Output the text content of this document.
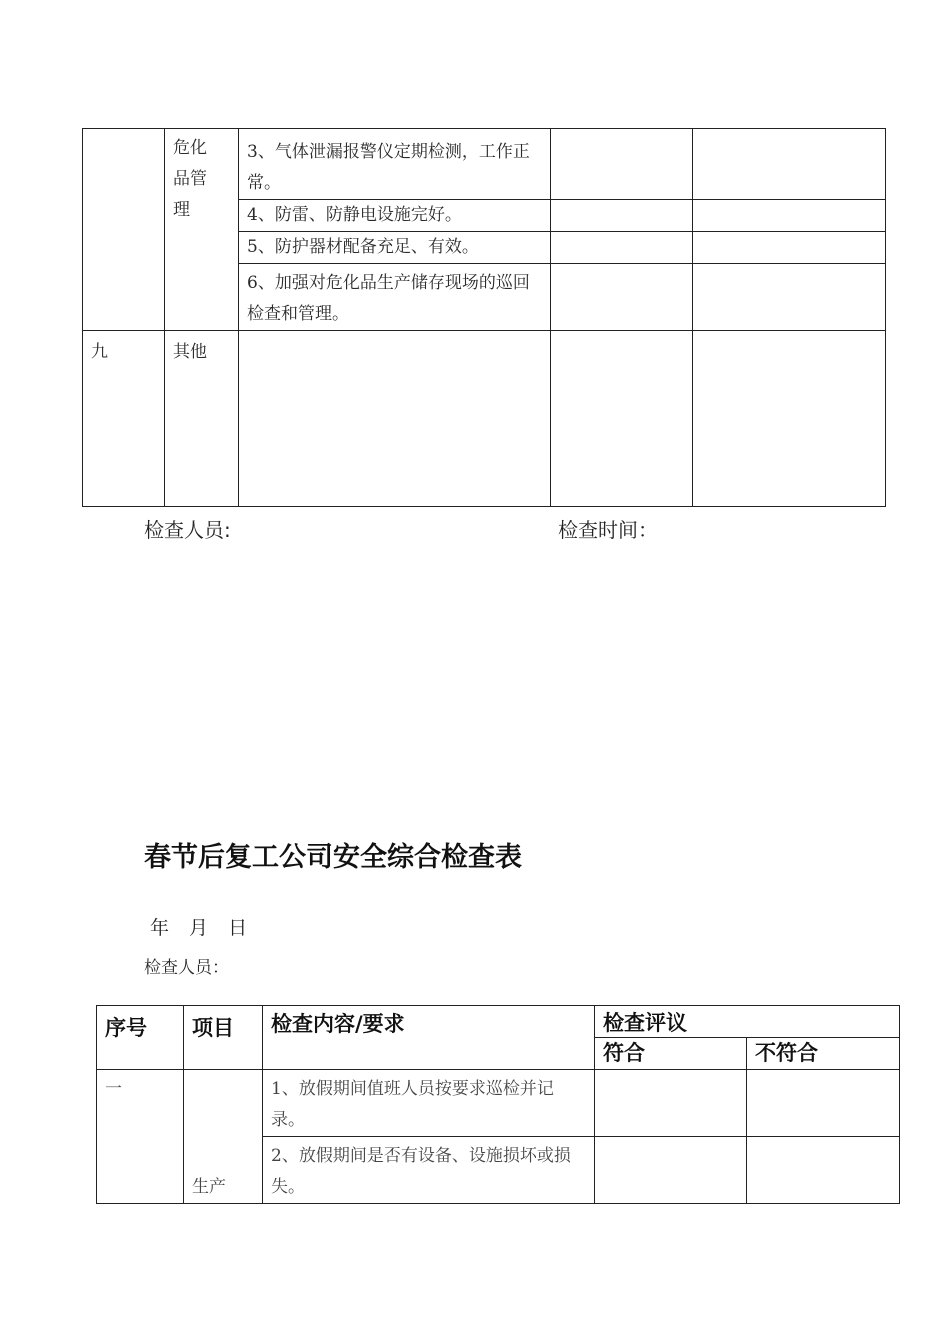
	危化品管理	3、气体泄漏报警仪定期检测，工作正常。		
		4、防雷、防静电设施完好。		
		5、防护器材配备充足、有效。		
		6、加强对危化品生产储存现场的巡回检查和管理。		
九	其他			
检查人员:	检查时间：
春节后复工公司安全综合检查表
年 月 日
检查人员：
序号	项目	检查内容/要求	检查评议	
			符合	不符合
一	生产	1、放假期间值班人员按要求巡检并记录。		
		2、放假期间是否有设备、设施损坏或损失。		
